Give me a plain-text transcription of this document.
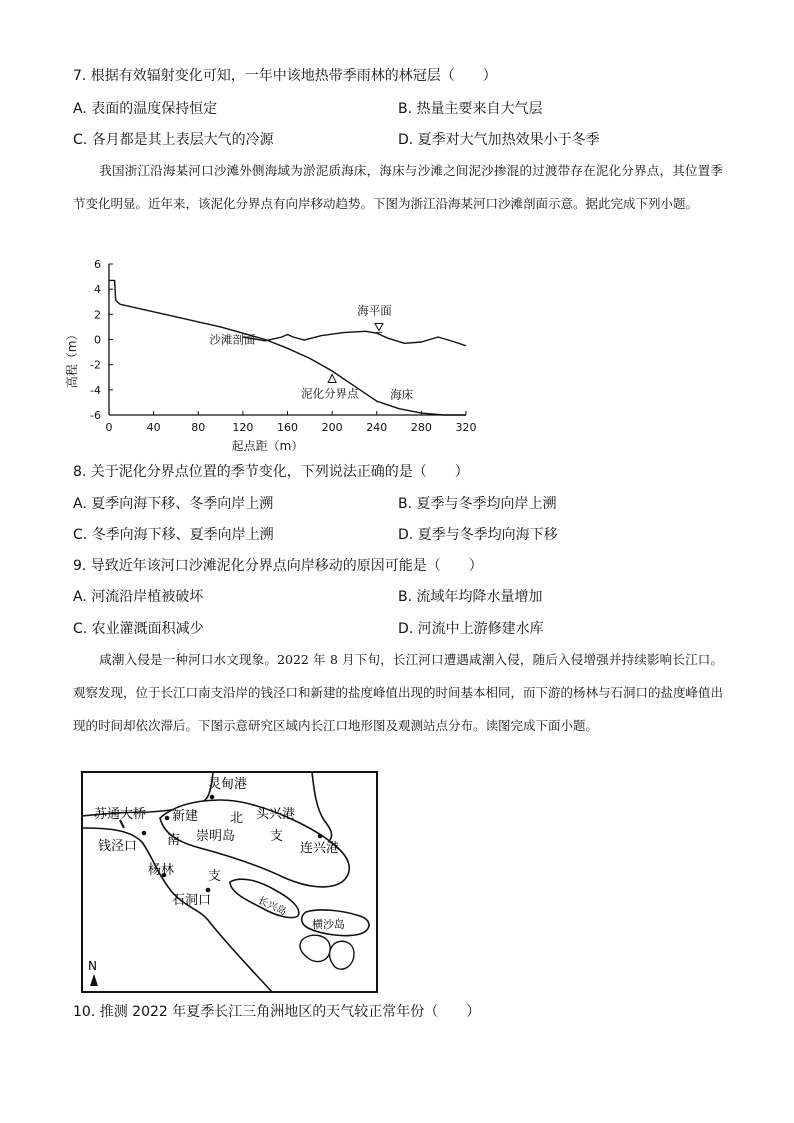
7. 根据有效辐射变化可知，一年中该地热带季雨林的林冠层（　　）
A. 表面的温度保持恒定	B. 热量主要来自大气层
C. 各月都是其上表层大气的冷源	D. 夏季对大气加热效果小于冬季
我国浙江沿海某河口沙滩外侧海域为淤泥质海床，海床与沙滩之间泥沙掺混的过渡带存在泥化分界点，其位置季节变化明显。近年来，该泥化分界点有向岸移动趋势。下图为浙江沿海某河口沙滩剖面示意。据此完成下列小题。
6
4
2
0
-2
-4
-6
0	40	80 120 160 200 240 280 320
起点距（m）
高程（m）
海平面
沙滩剖面
泥化分界点	海床
8. 关于泥化分界点位置的季节变化，下列说法正确的是（　　）
A. 夏季向海下移、冬季向岸上溯	B. 夏季与冬季均向岸上溯
C. 冬季向海下移、夏季向岸上溯	D. 夏季与冬季均向海下移
9. 导致近年该河口沙滩泥化分界点向岸移动的原因可能是（　　）
A. 河流沿岸植被破坏	B. 流域年均降水量增加
C. 农业灌溉面积减少	D. 河流中上游修建水库
咸潮入侵是一种河口水文现象。2022 年 8 月下旬，长江河口遭遇咸潮入侵，随后入侵增强并持续影响长江口。观察发现，位于长江口南支沿岸的钱泾口和新建的盐度峰值出现的时间基本相同，而下游的杨林与石洞口的盐度峰值出现的时间却依次滞后。下图示意研究区域内长江口地形图及观测站点分布。读图完成下面小题。
灵甸港
苏通大桥 新建 北 头兴港
崇明岛	支
连兴港
钱泾口 南
杨林	支
石洞口	长兴岛
横沙岛
N
10. 推测 2022 年夏季长江三角洲地区的天气较正常年份（　　）
